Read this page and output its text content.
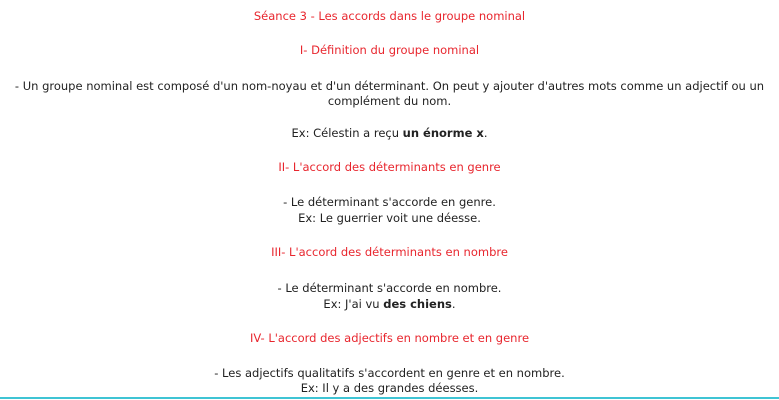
Séance 3 - Les accords dans le groupe nominal
I- Définition du groupe nominal
- Un groupe nominal est composé d'un nom-noyau et d'un déterminant. On peut y ajouter d'autres mots comme un adjectif ou un complément du nom.
Ex: Célestin a reçu un énorme x.
II- L'accord des déterminants en genre
- Le déterminant s'accorde en genre.
Ex: Le guerrier voit une déesse.
III- L'accord des déterminants en nombre
- Le déterminant s'accorde en nombre.
Ex: J'ai vu des chiens.
IV- L'accord des adjectifs en nombre et en genre
- Les adjectifs qualitatifs s'accordent en genre et en nombre.
Ex: Il y a des grandes déesses.
